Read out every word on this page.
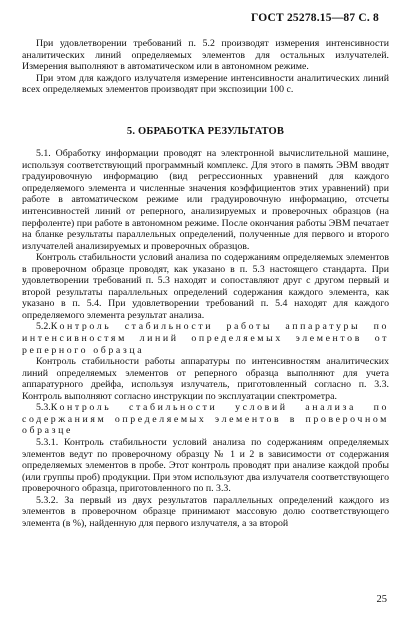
ГОСТ 25278.15—87 С. 8

При удовлетворении требований п. 5.2 производят измерения интенсивности аналитических линий определяемых элементов для остальных излучателей. Измерения выполняют в автоматическом или в автономном режиме.

При этом для каждого излучателя измерение интенсивности аналитических линий всех определяемых элементов производят при экспозиции 100 с.

5. ОБРАБОТКА РЕЗУЛЬТАТОВ

5.1. Обработку информации проводят на электронной вычислительной машине, используя соответствующий программный комплекс. Для этого в память ЭВМ вводят градуировочную информацию (вид регрессионных уравнений для каждого определяемого элемента и численные значения коэффициентов этих уравнений) при работе в автоматическом режиме или градуировочную информацию, отсчеты интенсивностей линий от реперного, анализируемых и проверочных образцов (на перфоленте) при работе в автономном режиме. После окончания работы ЭВМ печатает на бланке результаты параллельных определений, полученные для первого и второго излучателей анализируемых и проверочных образцов.

Контроль стабильности условий анализа по содержаниям определяемых элементов в проверочном образце проводят, как указано в п. 5.3 настоящего стандарта. При удовлетворении требований п. 5.3 находят и сопоставляют друг с другом первый и второй результаты параллельных определений содержания каждого элемента, как указано в п. 5.4. При удовлетворении требований п. 5.4 находят для каждого определяемого элемента результат анализа.

5.2.Контроль стабильности работы аппаратуры по интенсивностям линий определяемых элементов от реперного образца

Контроль стабильности работы аппаратуры по интенсивностям аналитических линий определяемых элементов от реперного образца выполняют для учета аппаратурного дрейфа, используя излучатель, приготовленный согласно п. 3.3. Контроль выполняют согласно инструкции по эксплуатации спектрометра.

5.3.Контроль стабильности условий анализа по содержаниям определяемых элементов в проверочном образце

5.3.1. Контроль стабильности условий анализа по содержаниям определяемых элементов ведут по проверочному образцу № 1 и 2 в зависимости от содержания определяемых элементов в пробе. Этот контроль проводят при анализе каждой пробы (или группы проб) продукции. При этом используют два излучателя соответствующего проверочного образца, приготовленного по п. 3.3.

5.3.2. За первый из двух результатов параллельных определений каждого из элементов в проверочном образце принимают массовую долю соответствующего элемента (в %), найденную для первого излучателя, а за второй

25
